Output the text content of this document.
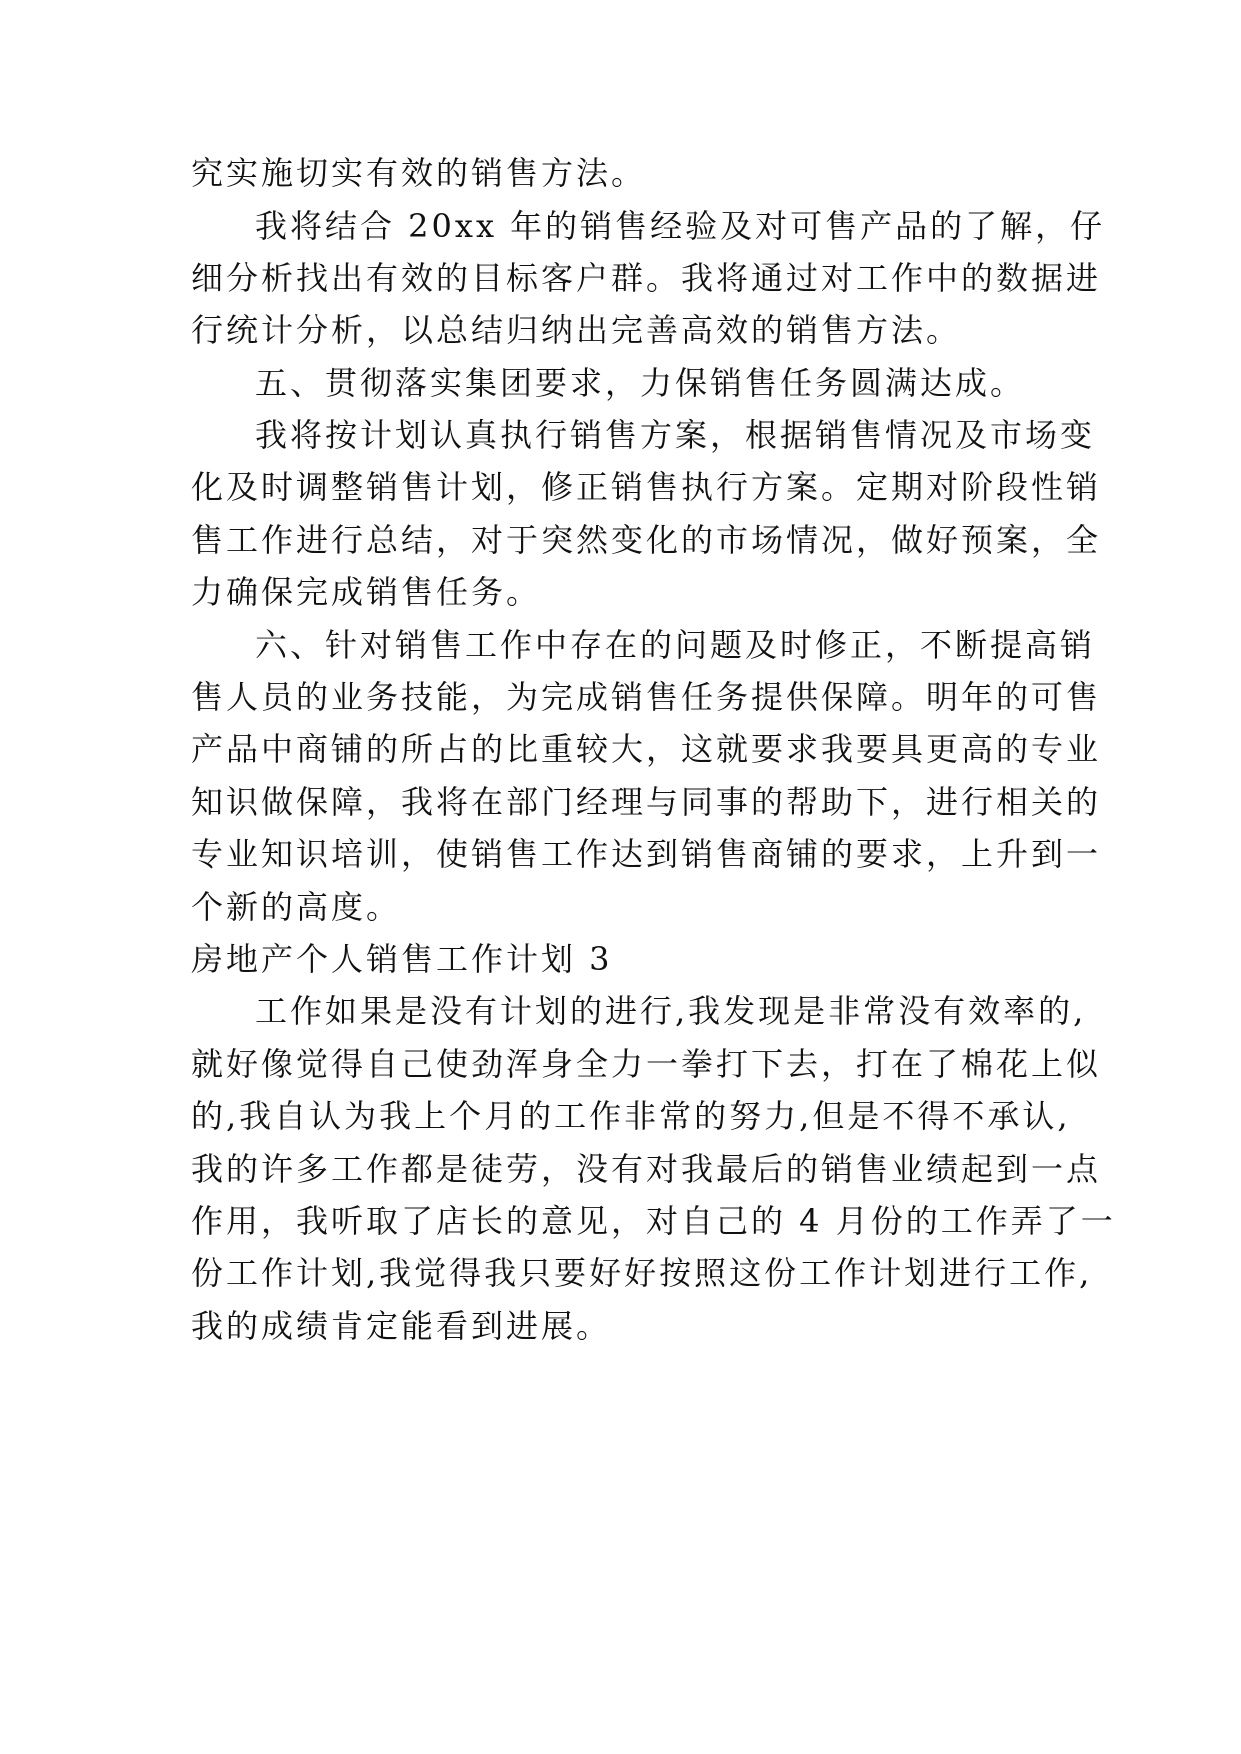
究实施切实有效的销售方法。
我将结合 20xx 年的销售经验及对可售产品的了解，仔
细分析找出有效的目标客户群。我将通过对工作中的数据进
行统计分析，以总结归纳出完善高效的销售方法。
五、贯彻落实集团要求，力保销售任务圆满达成。
我将按计划认真执行销售方案，根据销售情况及市场变
化及时调整销售计划，修正销售执行方案。定期对阶段性销
售工作进行总结，对于突然变化的市场情况，做好预案，全
力确保完成销售任务。
六、针对销售工作中存在的问题及时修正，不断提高销
售人员的业务技能，为完成销售任务提供保障。明年的可售
产品中商铺的所占的比重较大，这就要求我要具更高的专业
知识做保障，我将在部门经理与同事的帮助下，进行相关的
专业知识培训，使销售工作达到销售商铺的要求，上升到一
个新的高度。
房地产个人销售工作计划 3
工作如果是没有计划的进行,我发现是非常没有效率的,
就好像觉得自己使劲浑身全力一拳打下去，打在了棉花上似
的,我自认为我上个月的工作非常的努力,但是不得不承认,
我的许多工作都是徒劳，没有对我最后的销售业绩起到一点
作用，我听取了店长的意见，对自己的 4 月份的工作弄了一
份工作计划,我觉得我只要好好按照这份工作计划进行工作,
我的成绩肯定能看到进展。
